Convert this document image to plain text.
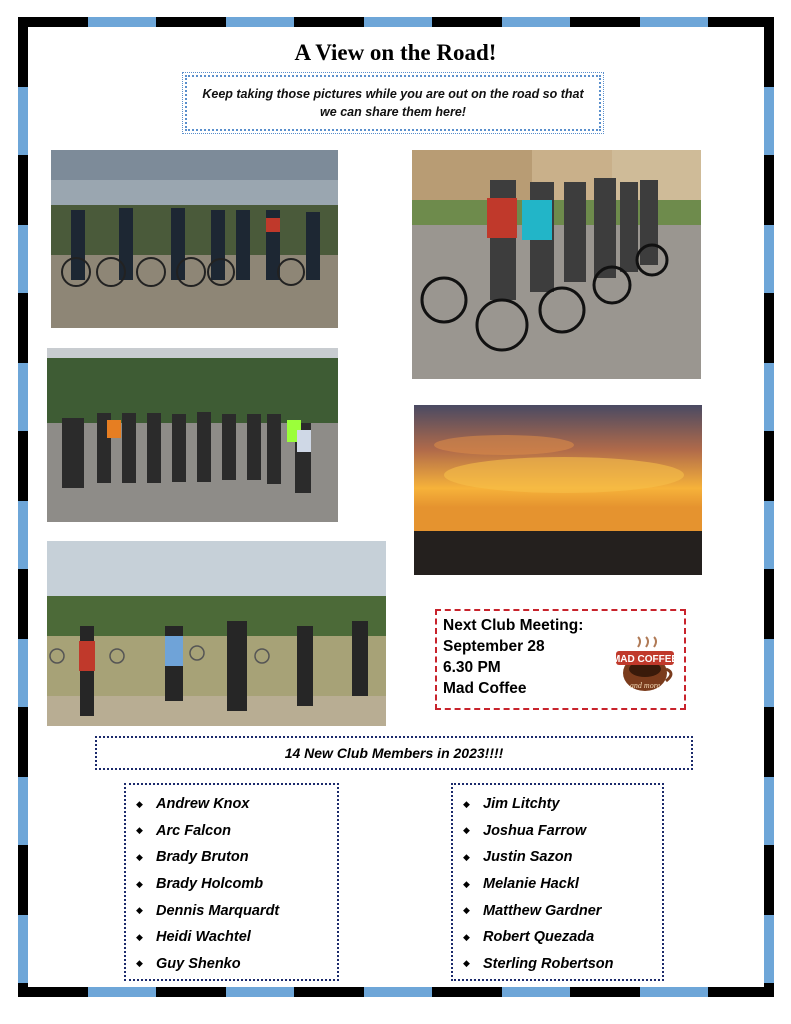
A View on the Road!
Keep taking those pictures while you are out on the road so that we can share them here!
Next Club Meeting:
September 28
6.30 PM
Mad Coffee
MAD COFFEE
and more
14 New Club Members in 2023!!!!
◆ Andrew Knox
◆ Arc Falcon
◆ Brady Bruton
◆ Brady Holcomb
◆ Dennis Marquardt
◆ Heidi Wachtel
◆ Guy Shenko
◆ Jim Litchty
◆ Joshua Farrow
◆ Justin Sazon
◆ Melanie Hackl
◆ Matthew Gardner
◆ Robert Quezada
◆ Sterling Robertson
